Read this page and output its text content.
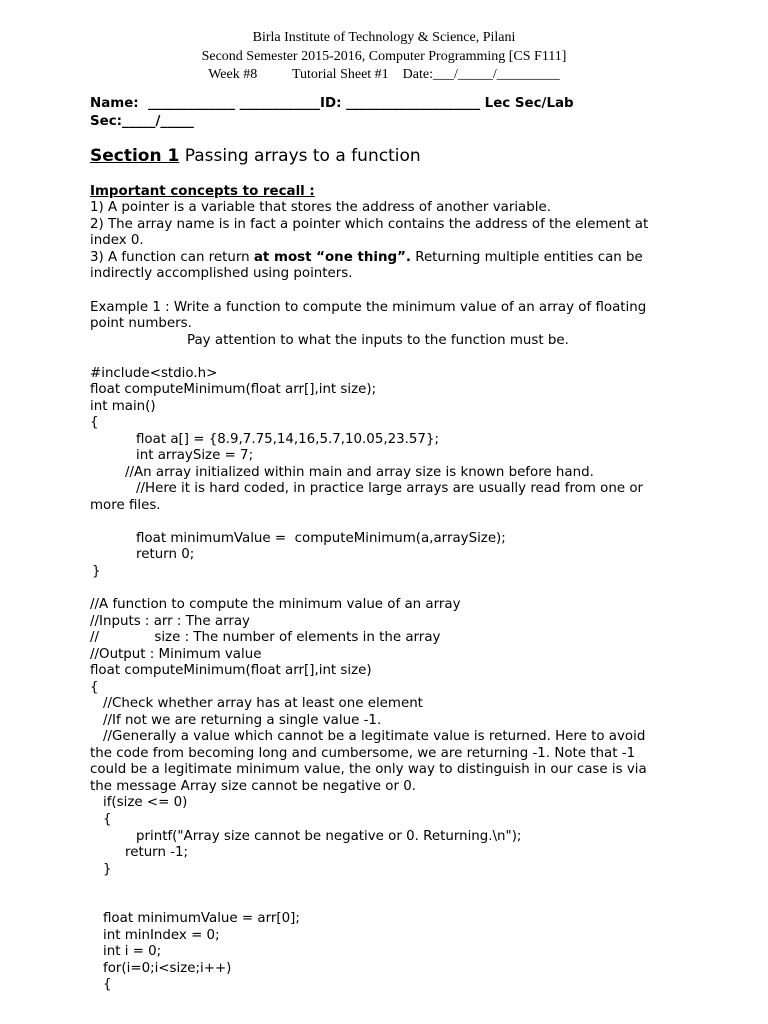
Birla Institute of Technology & Science, Pilani
Second Semester 2015-2016, Computer Programming [CS F111]
Week #8          Tutorial Sheet #1    Date:___/_____/_________
Name:  _____________ ____________ID: ____________________ Lec Sec/Lab
Sec:_____/_____
Section 1 Passing arrays to a function
Important concepts to recall :
1) A pointer is a variable that stores the address of another variable.
2) The array name is in fact a pointer which contains the address of the element at
index 0.
3) A function can return at most “one thing”. Returning multiple entities can be
indirectly accomplished using pointers.
Example 1 : Write a function to compute the minimum value of an array of floating
point numbers.
Pay attention to what the inputs to the function must be.
#include<stdio.h>
float computeMinimum(float arr[],int size);
int main()
{
float a[] = {8.9,7.75,14,16,5.7,10.05,23.57};
int arraySize = 7;
//An array initialized within main and array size is known before hand.
//Here it is hard coded, in practice large arrays are usually read from one or
more files.
float minimumValue =  computeMinimum(a,arraySize);
return 0;
}
//A function to compute the minimum value of an array
//Inputs : arr : The array
//             size : The number of elements in the array
//Output : Minimum value
float computeMinimum(float arr[],int size)
{
//Check whether array has at least one element
//If not we are returning a single value -1.
//Generally a value which cannot be a legitimate value is returned. Here to avoid
the code from becoming long and cumbersome, we are returning -1. Note that -1
could be a legitimate minimum value, the only way to distinguish in our case is via
the message Array size cannot be negative or 0.
if(size <= 0)
{
printf("Array size cannot be negative or 0. Returning.\n");
return -1;
}
float minimumValue = arr[0];
int minIndex = 0;
int i = 0;
for(i=0;i<size;i++)
{
